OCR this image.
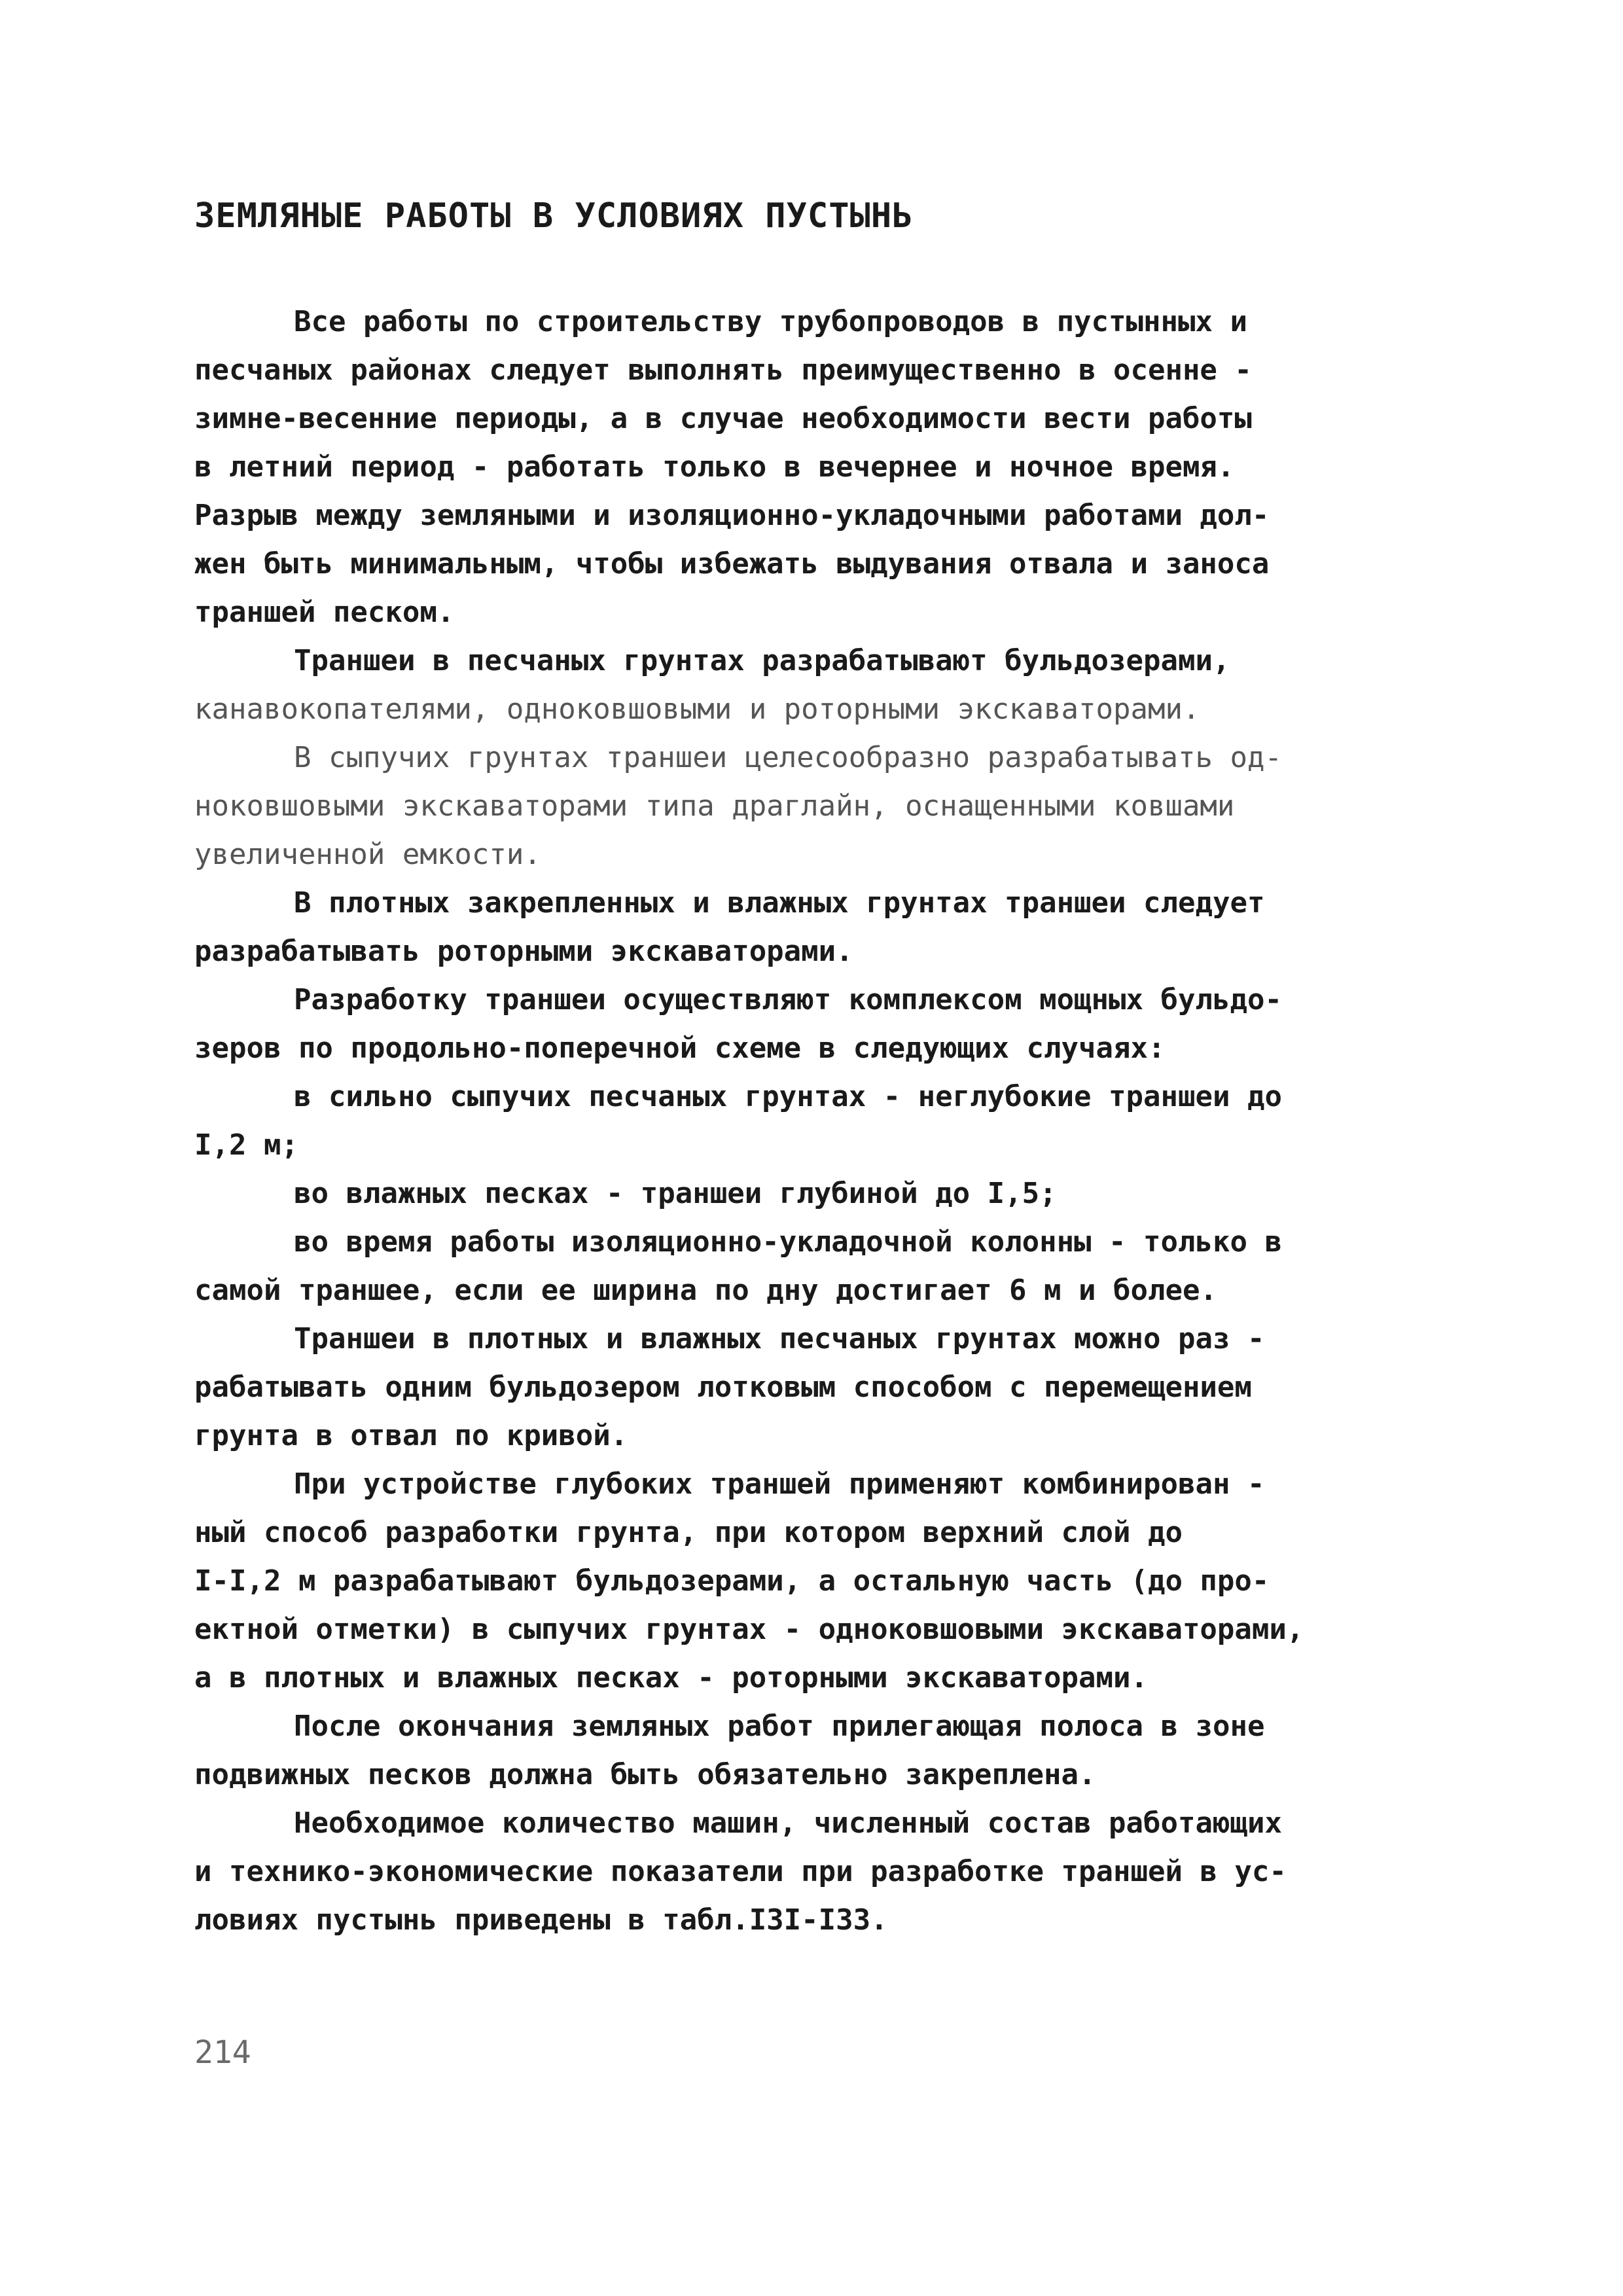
ЗЕМЛЯНЫЕ РАБОТЫ В УСЛОВИЯХ ПУСТЫНЬ
Все работы по строительству трубопроводов в пустынных и
песчаных районах следует выполнять преимущественно в осенне -
зимне-весенние периоды, а в случае необходимости вести работы
в летний период - работать только в вечернее и ночное время.
Разрыв между земляными и изоляционно-укладочными работами дол-
жен быть минимальным, чтобы избежать выдувания отвала и заноса
траншей песком.
Траншеи в песчаных грунтах разрабатывают бульдозерами,
канавокопателями, одноковшовыми и роторными экскаваторами.
В сыпучих грунтах траншеи целесообразно разрабатывать од-
ноковшовыми экскаваторами типа драглайн, оснащенными ковшами
увеличенной емкости.
В плотных закрепленных и влажных грунтах траншеи следует
разрабатывать роторными экскаваторами.
Разработку траншеи осуществляют комплексом мощных бульдо-
зеров по продольно-поперечной схеме в следующих случаях:
в сильно сыпучих песчаных грунтах - неглубокие траншеи до
I,2 м;
во влажных песках - траншеи глубиной до I,5;
во время работы изоляционно-укладочной колонны - только в
самой траншее, если ее ширина по дну достигает 6 м и более.
Траншеи в плотных и влажных песчаных грунтах можно раз -
рабатывать одним бульдозером лотковым способом с перемещением
грунта в отвал по кривой.
При устройстве глубоких траншей применяют комбинирован -
ный способ разработки грунта, при котором верхний слой до
I-I,2 м разрабатывают бульдозерами, а остальную часть (до про-
ектной отметки) в сыпучих грунтах - одноковшовыми экскаваторами,
а в плотных и влажных песках - роторными экскаваторами.
После окончания земляных работ прилегающая полоса в зоне
подвижных песков должна быть обязательно закреплена.
Необходимое количество машин, численный состав работающих
и технико-экономические показатели при разработке траншей в ус-
ловиях пустынь приведены в табл.I3I-I33.
214
